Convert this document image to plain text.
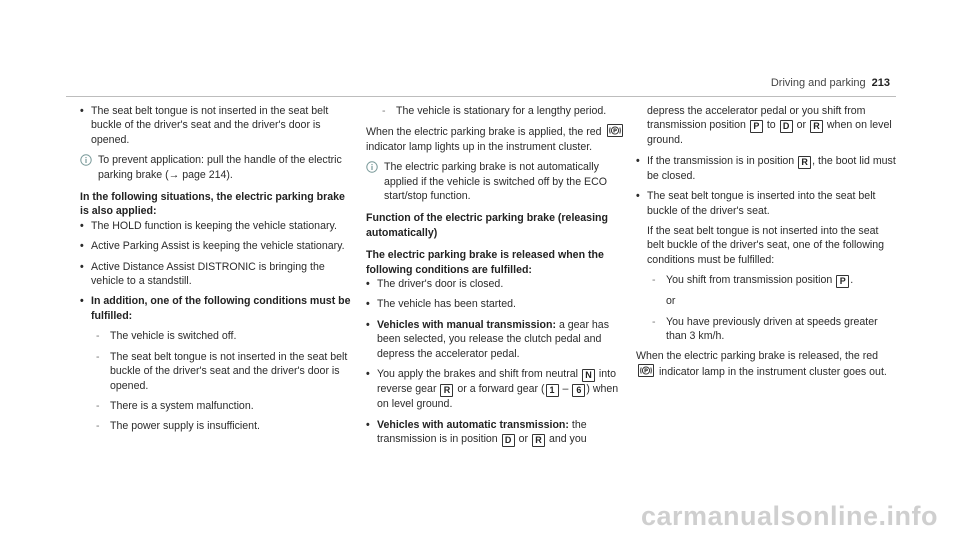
Driving and parking 213

• The seat belt tongue is not inserted in the seat belt buckle of the driver's seat and the driver's door is opened.

To prevent application: pull the handle of the electric parking brake (→ page 214).

In the following situations, the electric parking brake is also applied:

• The HOLD function is keeping the vehicle stationary.

• Active Parking Assist is keeping the vehicle stationary.

• Active Distance Assist DISTRONIC is bringing the vehicle to a standstill.

• In addition, one of the following conditions must be fulfilled:

- The vehicle is switched off.

- The seat belt tongue is not inserted in the seat belt buckle of the driver's seat and the driver's door is opened.

- There is a system malfunction.

- The power supply is insufficient.

- The vehicle is stationary for a lengthy period.

When the electric parking brake is applied, the red P
indicator lamp lights up in the instrument cluster.

The electric parking brake is not automatically applied if the vehicle is switched off by the ECO start/stop function.

Function of the electric parking brake (releasing automatically)

The electric parking brake is released when the following conditions are fulfilled:

• The driver's door is closed.

• The vehicle has been started.

• Vehicles with manual transmission: a gear has been selected, you release the clutch pedal and depress the accelerator pedal.

• You apply the brakes and shift from neutral N into reverse gear R or a forward gear ( 1 – 6 ) when on level ground.

• Vehicles with automatic transmission: the transmission is in position D or R and you

depress the accelerator pedal or you shift from transmission position P to D or R when on level ground.

• If the transmission is in position R , the boot lid must be closed.

• The seat belt tongue is inserted into the seat belt buckle of the driver's seat.

If the seat belt tongue is not inserted into the seat belt buckle of the driver's seat, one of the following conditions must be fulfilled:

- You shift from transmission position P .

or

- You have previously driven at speeds greater than 3 km/h.

When the electric parking brake is released, the red
P indicator lamp in the instrument cluster goes out.

carmanualsonline.info
